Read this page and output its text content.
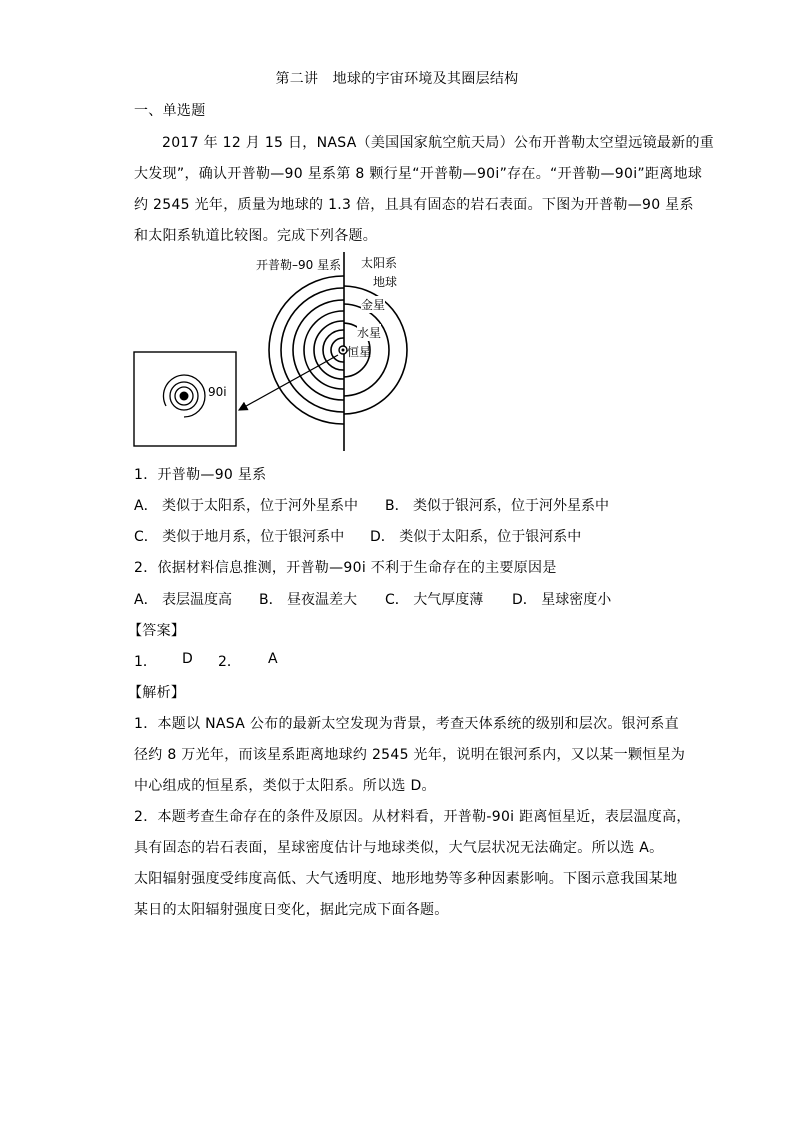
第二讲　地球的宇宙环境及其圈层结构
一、单选题
2017 年 12 月 15 日，NASA（美国国家航空航天局）公布开普勒太空望远镜最新的重
大发现”，确认开普勒—90 星系第 8 颗行星“开普勒—90i”存在。“开普勒—90i”距离地球
约 2545 光年，质量为地球的 1.3 倍，且具有固态的岩石表面。下图为开普勒—90 星系
和太阳系轨道比较图。完成下列各题。
开普勒–90 星系 太阳系
地球
金星
水星
恒星
90i
1．开普勒—90 星系
A． 类似于太阳系，位于河外星系中 B． 类似于银河系，位于河外星系中
C． 类似于地月系，位于银河系中 D． 类似于太阳系，位于银河系中
2．依据材料信息推测，开普勒—90i 不利于生命存在的主要原因是
A． 表层温度高 B． 昼夜温差大 C． 大气厚度薄 D． 星球密度小
【答案】
1． D 2． A
【解析】
1．本题以 NASA 公布的最新太空发现为背景，考查天体系统的级别和层次。银河系直
径约 8 万光年，而该星系距离地球约 2545 光年，说明在银河系内，又以某一颗恒星为
中心组成的恒星系，类似于太阳系。所以选 D。
2．本题考查生命存在的条件及原因。从材料看，开普勒-90i 距离恒星近，表层温度高，
具有固态的岩石表面，星球密度估计与地球类似，大气层状况无法确定。所以选 A。
太阳辐射强度受纬度高低、大气透明度、地形地势等多种因素影响。下图示意我国某地
某日的太阳辐射强度日变化，据此完成下面各题。
